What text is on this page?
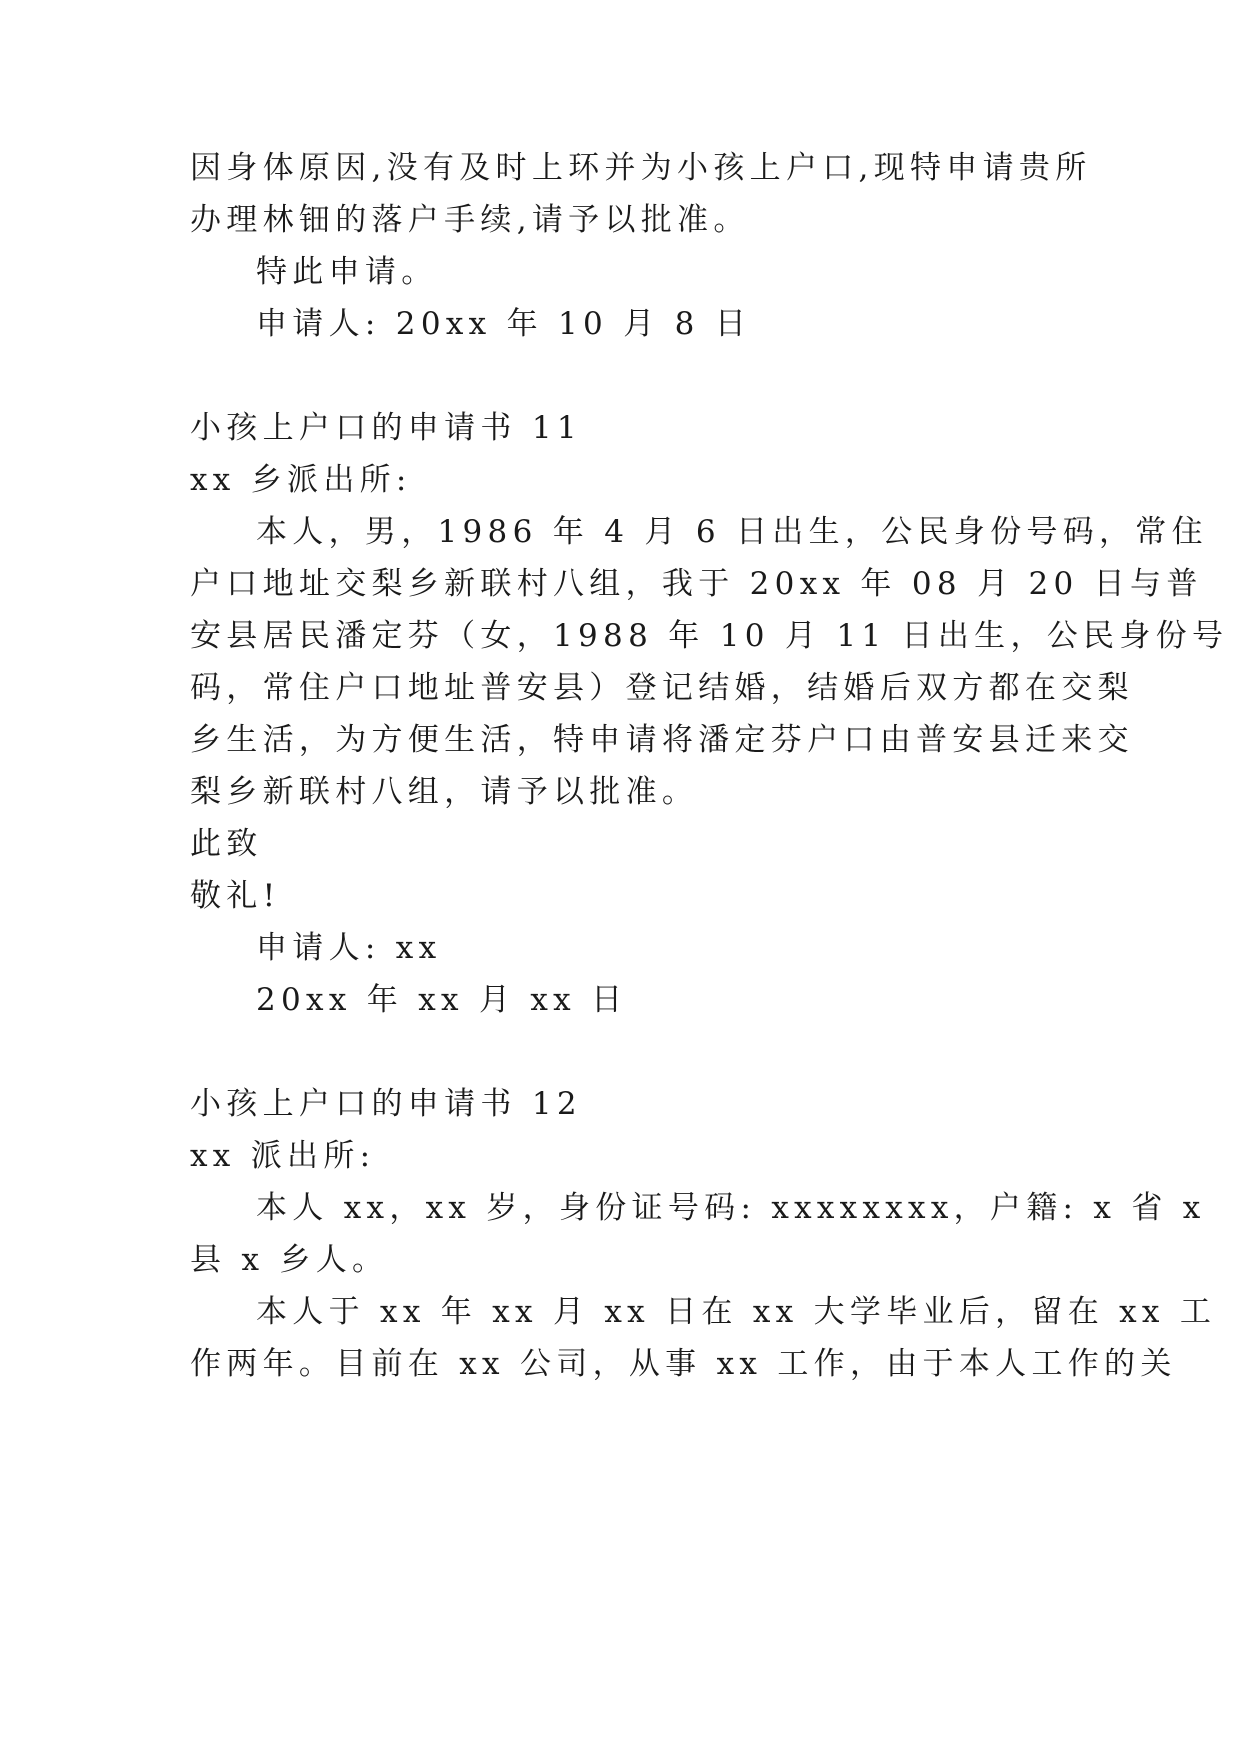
因身体原因,没有及时上环并为小孩上户口,现特申请贵所

办理林钿的落户手续,请予以批准。

特此申请。

申请人: 20xx 年 10 月 8 日

小孩上户口的申请书 11

xx 乡派出所:

本人，男，1986 年 4 月 6 日出生，公民身份号码，常住

户口地址交梨乡新联村八组，我于 20xx 年 08 月 20 日与普

安县居民潘定芬（女，1988 年 10 月 11 日出生，公民身份号

码，常住户口地址普安县）登记结婚，结婚后双方都在交梨

乡生活，为方便生活，特申请将潘定芬户口由普安县迁来交

梨乡新联村八组，请予以批准。

此致

敬礼!

申请人: xx

20xx 年 xx 月 xx 日

小孩上户口的申请书 12

xx 派出所:

本人 xx，xx 岁，身份证号码: xxxxxxxx，户籍: x 省 x

县 x 乡人。

本人于 xx 年 xx 月 xx 日在 xx 大学毕业后，留在 xx 工

作两年。目前在 xx 公司，从事 xx 工作，由于本人工作的关
